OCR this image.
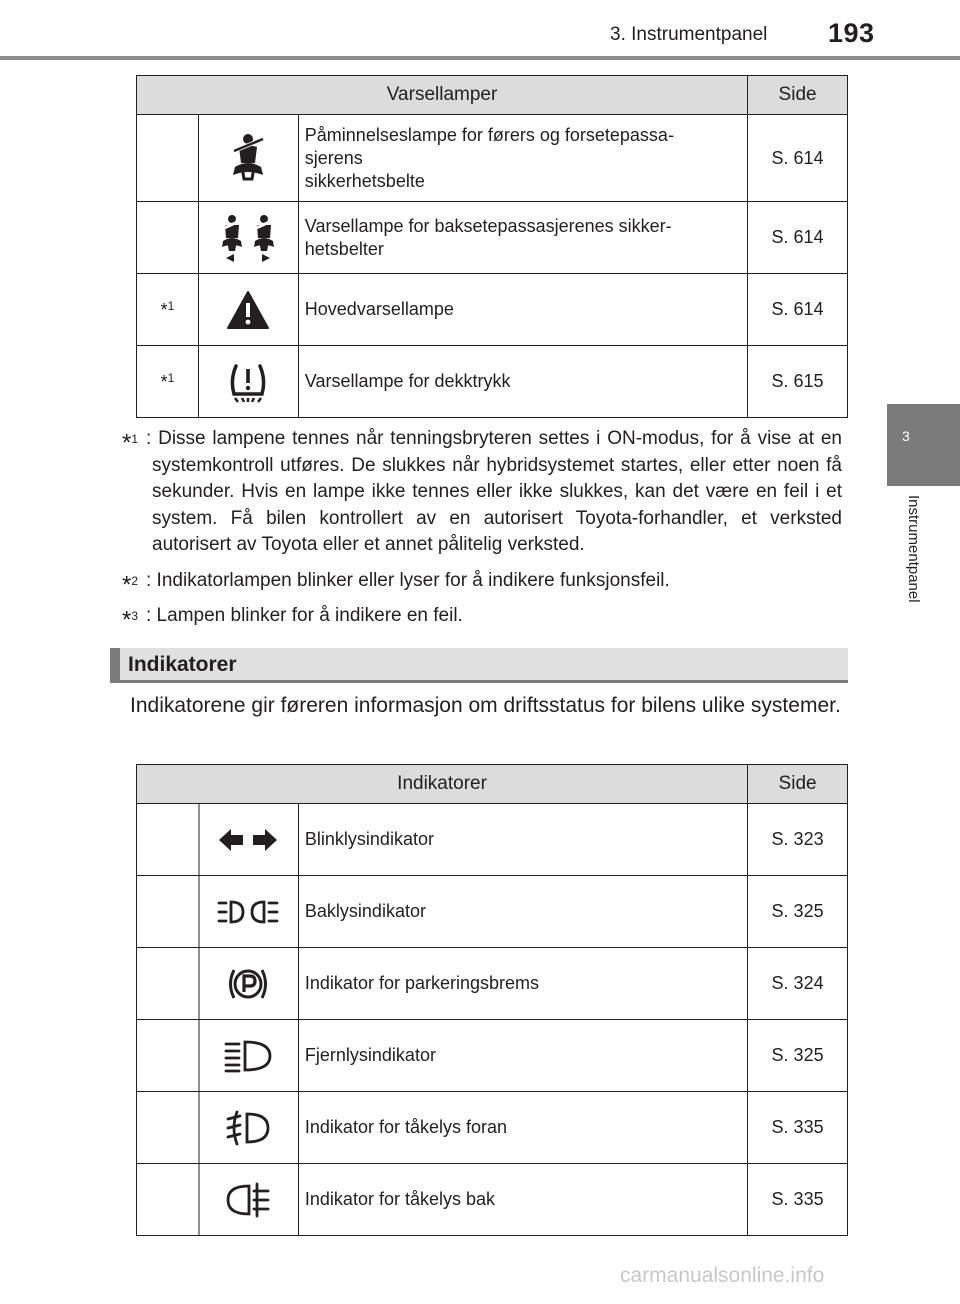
3. Instrumentpanel 193
3
Instrumentpanel
Varsellamper			Side

	Påminnelseslampe for førers og forsetepassa-
sjerens
sikkerhetsbelte	S. 614

	Varsellampe for baksetepassasjerenes sikker-
hetsbelter	S. 614
*$^1$		Hovedvarsellampe	S. 614
*$^1$		Varsellampe for dekktrykk	S. 615
*$^1$ : Disse lampene tennes når tenningsbryteren settes i ON-modus, for å vise at en systemkontroll utføres. De slukkes når hybridsystemet startes, eller etter noen få sekunder. Hvis en lampe ikke tennes eller ikke slukkes, kan det være en feil i et system. Få bilen kontrollert av en autorisert Toyota-forhandler, et verksted autorisert av Toyota eller et annet pålitelig verksted.
*$^2$ : Indikatorlampen blinker eller lyser for å indikere funksjonsfeil.
*$^3$ : Lampen blinker for å indikere en feil.
Indikatorer
Indikatorene gir føreren informasjon om driftsstatus for bilens ulike systemer.
Indikatorer		Side

	Blinklysindikator	S. 323

	Baklysindikator	S. 325

	Indikator for parkeringsbrems	S. 324

	Fjernlysindikator	S. 325

	Indikator for tåkelys foran	S. 335

	Indikator for tåkelys bak	S. 335
carmanualsonline.info
